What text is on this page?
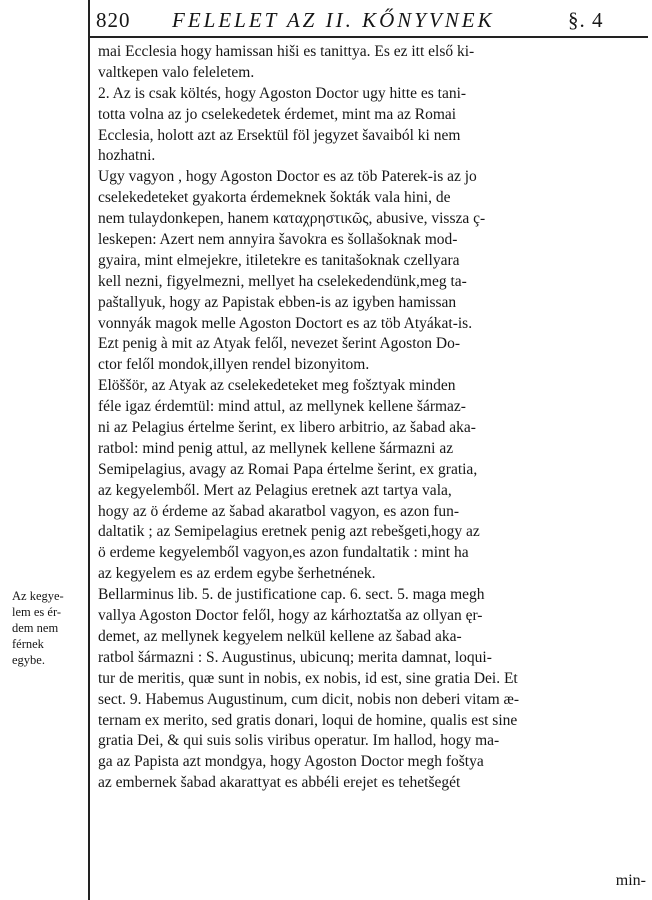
820 FELELET AZ II. KŐNYVNEK	§. 4
Az kegye-
lem es ér-
dem nem
férnek
egybe.
mai Ecclesia hogy hamissan hiši es tanittya. Es ez itt első ki-
valtkepen valo feleletem.
2. Az is csak költés, hogy Agoston Doctor ugy hitte es tani-
totta volna az jo cselekedetek érdemet, mint ma az Romai
Ecclesia, holott azt az Ersektül föl jegyzet šavaiból ki nem
hozhatni.
Ugy vagyon , hogy Agoston Doctor es az töb Paterek-is az jo
cselekedeteket gyakorta érdemeknek šokták vala hini, de
nem tulaydonkepen, hanem καταχρηστικῶς, abusive, vissza ç-
leskepen: Azert nem annyira šavokra es šollašoknak mod-
gyaira, mint elmejekre, itiletekre es tanitašoknak czellyara
kell nezni, figyelmezni, mellyet ha cselekedendünk,meg ta-
paštallyuk, hogy az Papistak ebben-is az igyben hamissan
vonnyák magok melle Agoston Doctort es az töb Atyákat-is.
Ezt penig à mit az Atyak felől, nevezet šerint Agoston Do-
ctor felől mondok,illyen rendel bizonyitom.
Elöššör, az Atyak az cselekedeteket meg fošztyak minden
féle igaz érdemtül: mind attul, az mellynek kellene šármaz-
ni az Pelagius értelme šerint, ex libero arbitrio, az šabad aka-
ratbol: mind penig attul, az mellynek kellene šármazni az
Semipelagius, avagy az Romai Papa értelme šerint, ex gratia,
az kegyelemből. Mert az Pelagius eretnek azt tartya vala,
hogy az ö érdeme az šabad akaratbol vagyon, es azon fun-
daltatik ; az Semipelagius eretnek penig azt rebešgeti,hogy az
ö erdeme kegyelemből vagyon,es azon fundaltatik : mint ha
az kegyelem es az erdem egybe šerhetnének.
Bellarminus lib. 5. de justificatione cap. 6. sect. 5. maga megh
vallya Agoston Doctor felől, hogy az kárhoztatša az ollyan ęr-
demet, az mellynek kegyelem nelkül kellene az šabad aka-
ratbol šármazni : S. Augustinus, ubicunq; merita damnat, loqui-
tur de meritis, quæ sunt in nobis, ex nobis, id est, sine gratia Dei. Et
sect. 9. Habemus Augustinum, cum dicit, nobis non deberi vitam æ-
ternam ex merito, sed gratis donari, loqui de homine, qualis est sine
gratia Dei, & qui suis solis viribus operatur. Im hallod, hogy ma-
ga az Papista azt mondgya, hogy Agoston Doctor megh foštya
az embernek šabad akarattyat es abbéli erejet es tehetšegét
min-
